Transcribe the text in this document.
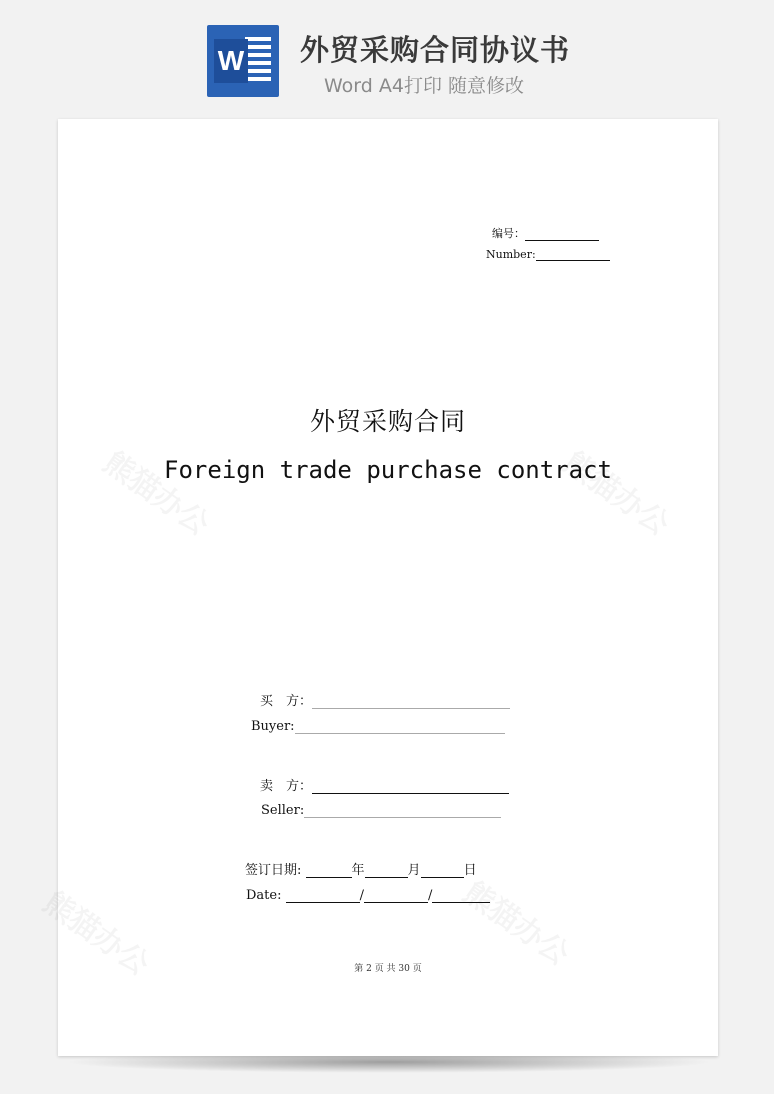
W 外贸采购合同协议书
Word A4打印 随意修改
编号：
Number:
外贸采购合同
Foreign trade purchase contract
买　方：
Buyer:
卖　方：
Seller:
签订日期:	年	月	日
Date:	/	/
第 2 页 共 30 页
